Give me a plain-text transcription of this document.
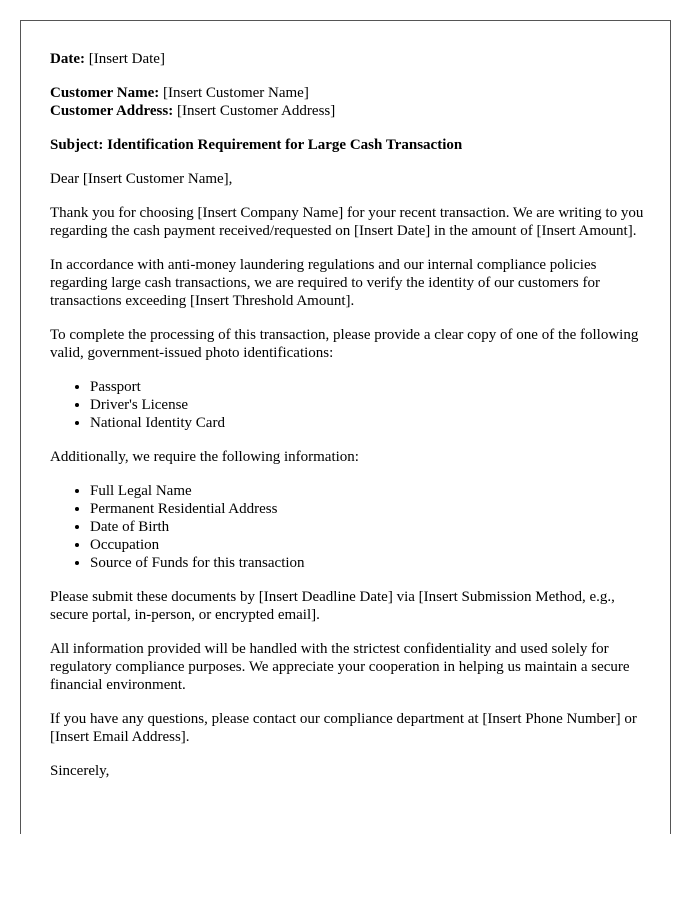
Date: [Insert Date]

Customer Name: [Insert Customer Name]

Customer Address: [Insert Customer Address]

Subject: Identification Requirement for Large Cash Transaction

Dear [Insert Customer Name],

Thank you for choosing [Insert Company Name] for your recent transaction. We are writing to you regarding the cash payment received/requested on [Insert Date] in the amount of [Insert Amount].

In accordance with anti-money laundering regulations and our internal compliance policies regarding large cash transactions, we are required to verify the identity of our customers for transactions exceeding [Insert Threshold Amount].

To complete the processing of this transaction, please provide a clear copy of one of the following valid, government-issued photo identifications:

• Passport
• Driver's License
• National Identity Card

Additionally, we require the following information:

• Full Legal Name
• Permanent Residential Address
• Date of Birth
• Occupation
• Source of Funds for this transaction

Please submit these documents by [Insert Deadline Date] via [Insert Submission Method, e.g., secure portal, in-person, or encrypted email].

All information provided will be handled with the strictest confidentiality and used solely for regulatory compliance purposes. We appreciate your cooperation in helping us maintain a secure financial environment.

If you have any questions, please contact our compliance department at [Insert Phone Number] or [Insert Email Address].

Sincerely,
